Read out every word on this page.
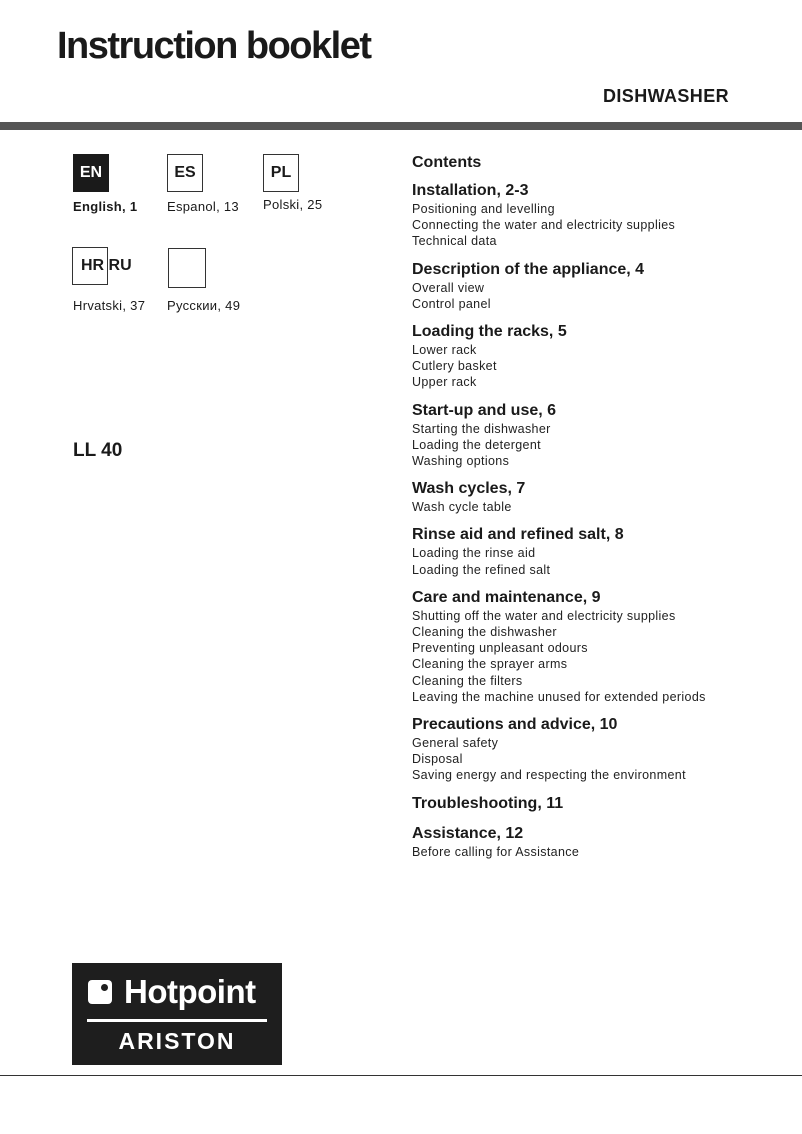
Instruction booklet
DISHWASHER
EN
English, 1
ES
Espanol, 13
PL
Polski, 25
HR RU
Hrvatski, 37 Русскии, 49
LL 40
Contents
Installation, 2-3
Positioning and levelling
Connecting the water and electricity supplies
Technical data
Description of the appliance, 4
Overall view
Control panel
Loading the racks, 5
Lower rack
Cutlery basket
Upper rack
Start-up and use, 6
Starting the dishwasher
Loading the detergent
Washing options
Wash cycles, 7
Wash cycle table
Rinse aid and refined salt, 8
Loading the rinse aid
Loading the refined salt
Care and maintenance, 9
Shutting off the water and electricity supplies
Cleaning the dishwasher
Preventing unpleasant odours
Cleaning the sprayer arms
Cleaning the filters
Leaving the machine unused for extended periods
Precautions and advice, 10
General safety
Disposal
Saving energy and respecting the environment
Troubleshooting, 11
Assistance, 12
Before calling for Assistance
Hotpoint
ARISTON
